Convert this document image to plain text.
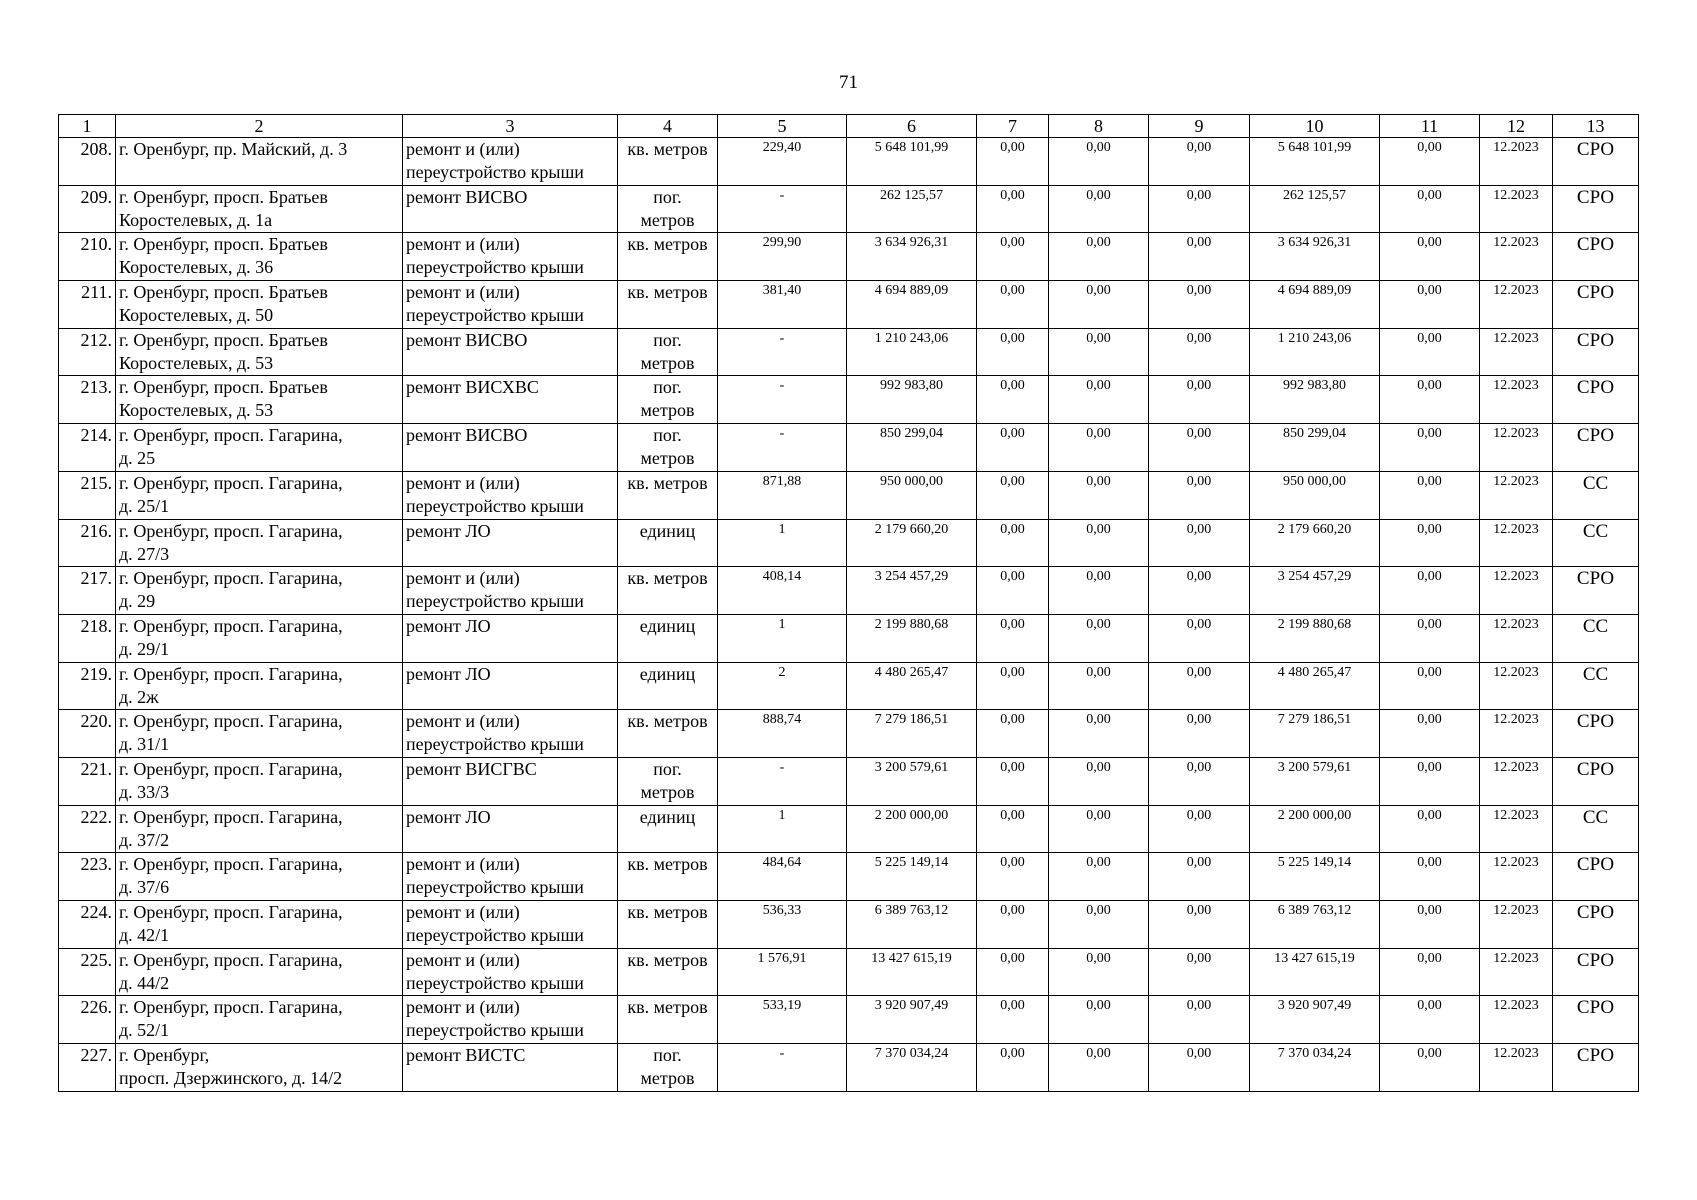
71
1	2	3	4	5	6	7	8	9	10	11	12	13
208.	г. Оренбург, пр. Майский, д. 3	ремонт и (или)
переустройство крыши	кв. метров	229,40	5 648 101,99	0,00	0,00	0,00	5 648 101,99	0,00	12.2023	СРО
209.	г. Оренбург, просп. Братьев
Коростелевых, д. 1а	ремонт ВИСВО	пог.
метров	-	262 125,57	0,00	0,00	0,00	262 125,57	0,00	12.2023	СРО
210.	г. Оренбург, просп. Братьев
Коростелевых, д. 36	ремонт и (или)
переустройство крыши	кв. метров	299,90	3 634 926,31	0,00	0,00	0,00	3 634 926,31	0,00	12.2023	СРО
211.	г. Оренбург, просп. Братьев
Коростелевых, д. 50	ремонт и (или)
переустройство крыши	кв. метров	381,40	4 694 889,09	0,00	0,00	0,00	4 694 889,09	0,00	12.2023	СРО
212.	г. Оренбург, просп. Братьев
Коростелевых, д. 53	ремонт ВИСВО	пог.
метров	-	1 210 243,06	0,00	0,00	0,00	1 210 243,06	0,00	12.2023	СРО
213.	г. Оренбург, просп. Братьев
Коростелевых, д. 53	ремонт ВИСХВС	пог.
метров	-	992 983,80	0,00	0,00	0,00	992 983,80	0,00	12.2023	СРО
214.	г. Оренбург, просп. Гагарина,
д. 25	ремонт ВИСВО	пог.
метров	-	850 299,04	0,00	0,00	0,00	850 299,04	0,00	12.2023	СРО
215.	г. Оренбург, просп. Гагарина,
д. 25/1	ремонт и (или)
переустройство крыши	кв. метров	871,88	950 000,00	0,00	0,00	0,00	950 000,00	0,00	12.2023	СС
216.	г. Оренбург, просп. Гагарина,
д. 27/3	ремонт ЛО	единиц	1	2 179 660,20	0,00	0,00	0,00	2 179 660,20	0,00	12.2023	СС
217.	г. Оренбург, просп. Гагарина,
д. 29	ремонт и (или)
переустройство крыши	кв. метров	408,14	3 254 457,29	0,00	0,00	0,00	3 254 457,29	0,00	12.2023	СРО
218.	г. Оренбург, просп. Гагарина,
д. 29/1	ремонт ЛО	единиц	1	2 199 880,68	0,00	0,00	0,00	2 199 880,68	0,00	12.2023	СС
219.	г. Оренбург, просп. Гагарина,
д. 2ж	ремонт ЛО	единиц	2	4 480 265,47	0,00	0,00	0,00	4 480 265,47	0,00	12.2023	СС
220.	г. Оренбург, просп. Гагарина,
д. 31/1	ремонт и (или)
переустройство крыши	кв. метров	888,74	7 279 186,51	0,00	0,00	0,00	7 279 186,51	0,00	12.2023	СРО
221.	г. Оренбург, просп. Гагарина,
д. 33/3	ремонт ВИСГВС	пог.
метров	-	3 200 579,61	0,00	0,00	0,00	3 200 579,61	0,00	12.2023	СРО
222.	г. Оренбург, просп. Гагарина,
д. 37/2	ремонт ЛО	единиц	1	2 200 000,00	0,00	0,00	0,00	2 200 000,00	0,00	12.2023	СС
223.	г. Оренбург, просп. Гагарина,
д. 37/6	ремонт и (или)
переустройство крыши	кв. метров	484,64	5 225 149,14	0,00	0,00	0,00	5 225 149,14	0,00	12.2023	СРО
224.	г. Оренбург, просп. Гагарина,
д. 42/1	ремонт и (или)
переустройство крыши	кв. метров	536,33	6 389 763,12	0,00	0,00	0,00	6 389 763,12	0,00	12.2023	СРО
225.	г. Оренбург, просп. Гагарина,
д. 44/2	ремонт и (или)
переустройство крыши	кв. метров	1 576,91	13 427 615,19	0,00	0,00	0,00	13 427 615,19	0,00	12.2023	СРО
226.	г. Оренбург, просп. Гагарина,
д. 52/1	ремонт и (или)
переустройство крыши	кв. метров	533,19	3 920 907,49	0,00	0,00	0,00	3 920 907,49	0,00	12.2023	СРО
227.	г. Оренбург,
просп. Дзержинского, д. 14/2	ремонт ВИСТС	пог.
метров	-	7 370 034,24	0,00	0,00	0,00	7 370 034,24	0,00	12.2023	СРО
